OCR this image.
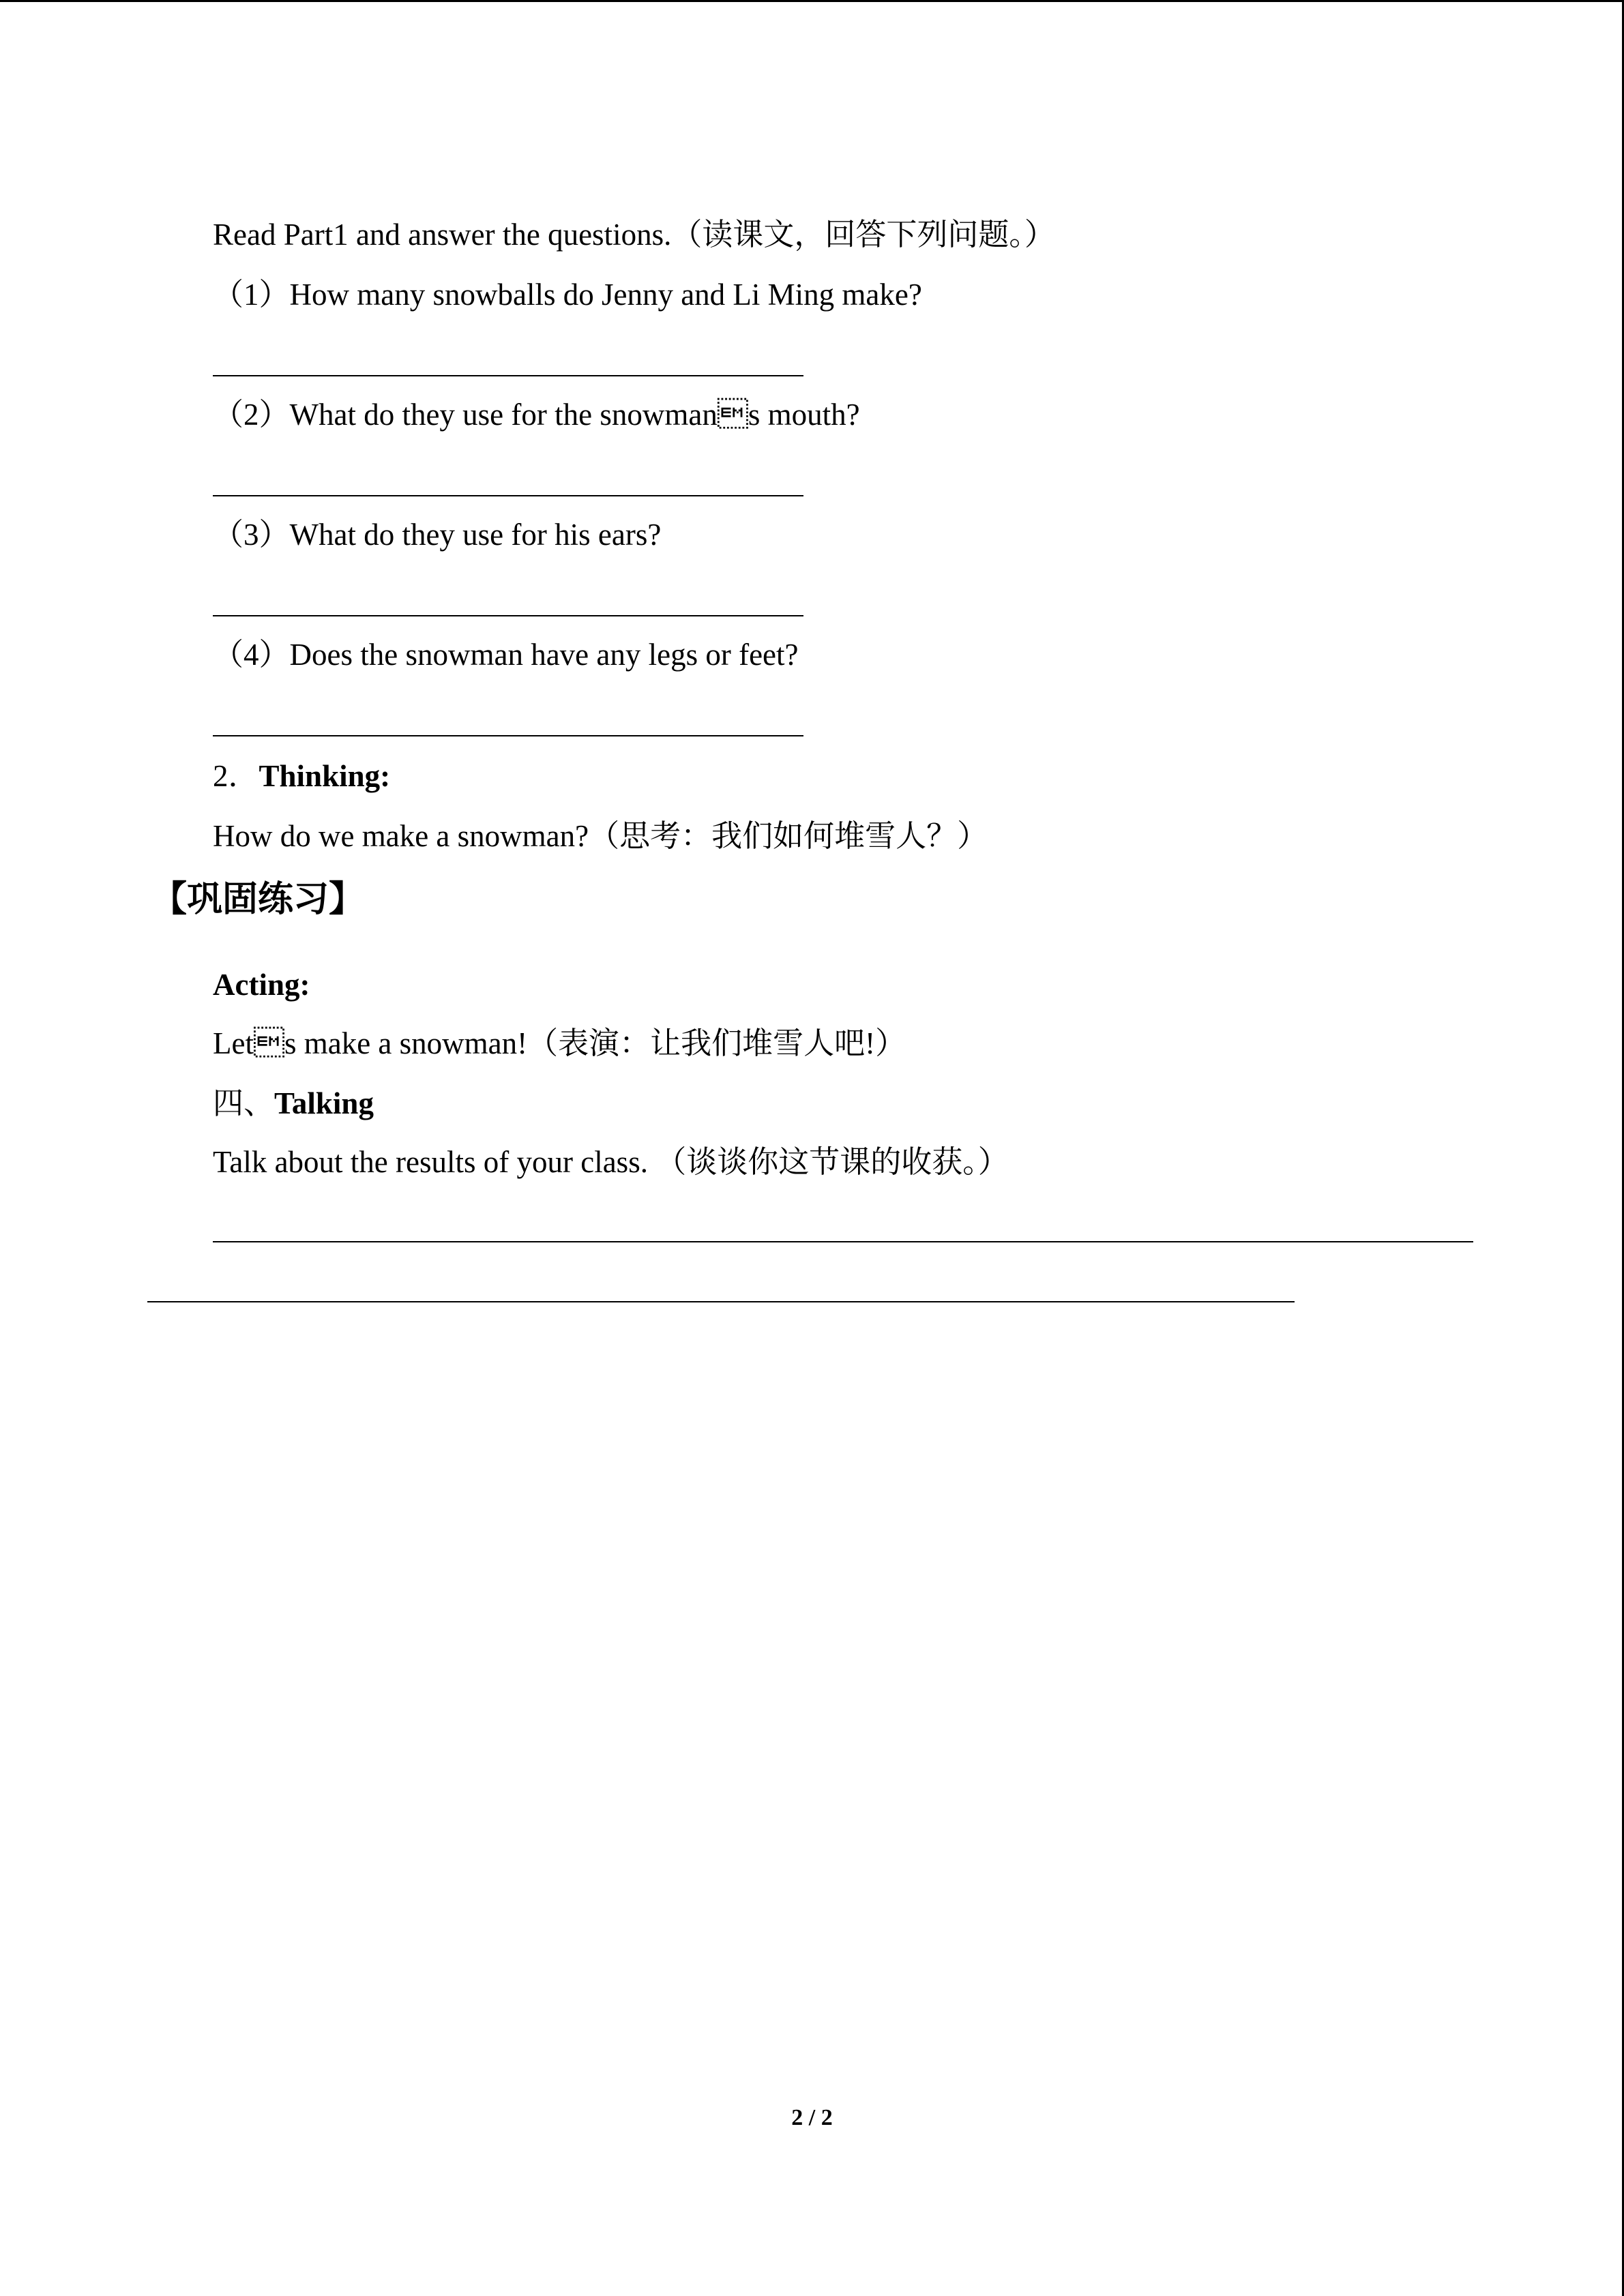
Read Part1 and answer the questions.（读课文，回答下列问题。）
（1）How many snowballs do Jenny and Li Ming make?
（2）What do they use for the snowmans mouth?
（3）What do they use for his ears?
（4）Does the snowman have any legs or feet?
2．Thinking:
How do we make a snowman?（思考：我们如何堆雪人？）
【巩固练习】
Acting:
Lets make a snowman!（表演：让我们堆雪人吧!）
四、Talking
Talk about the results of your class. （谈谈你这节课的收获。）
2 / 2
